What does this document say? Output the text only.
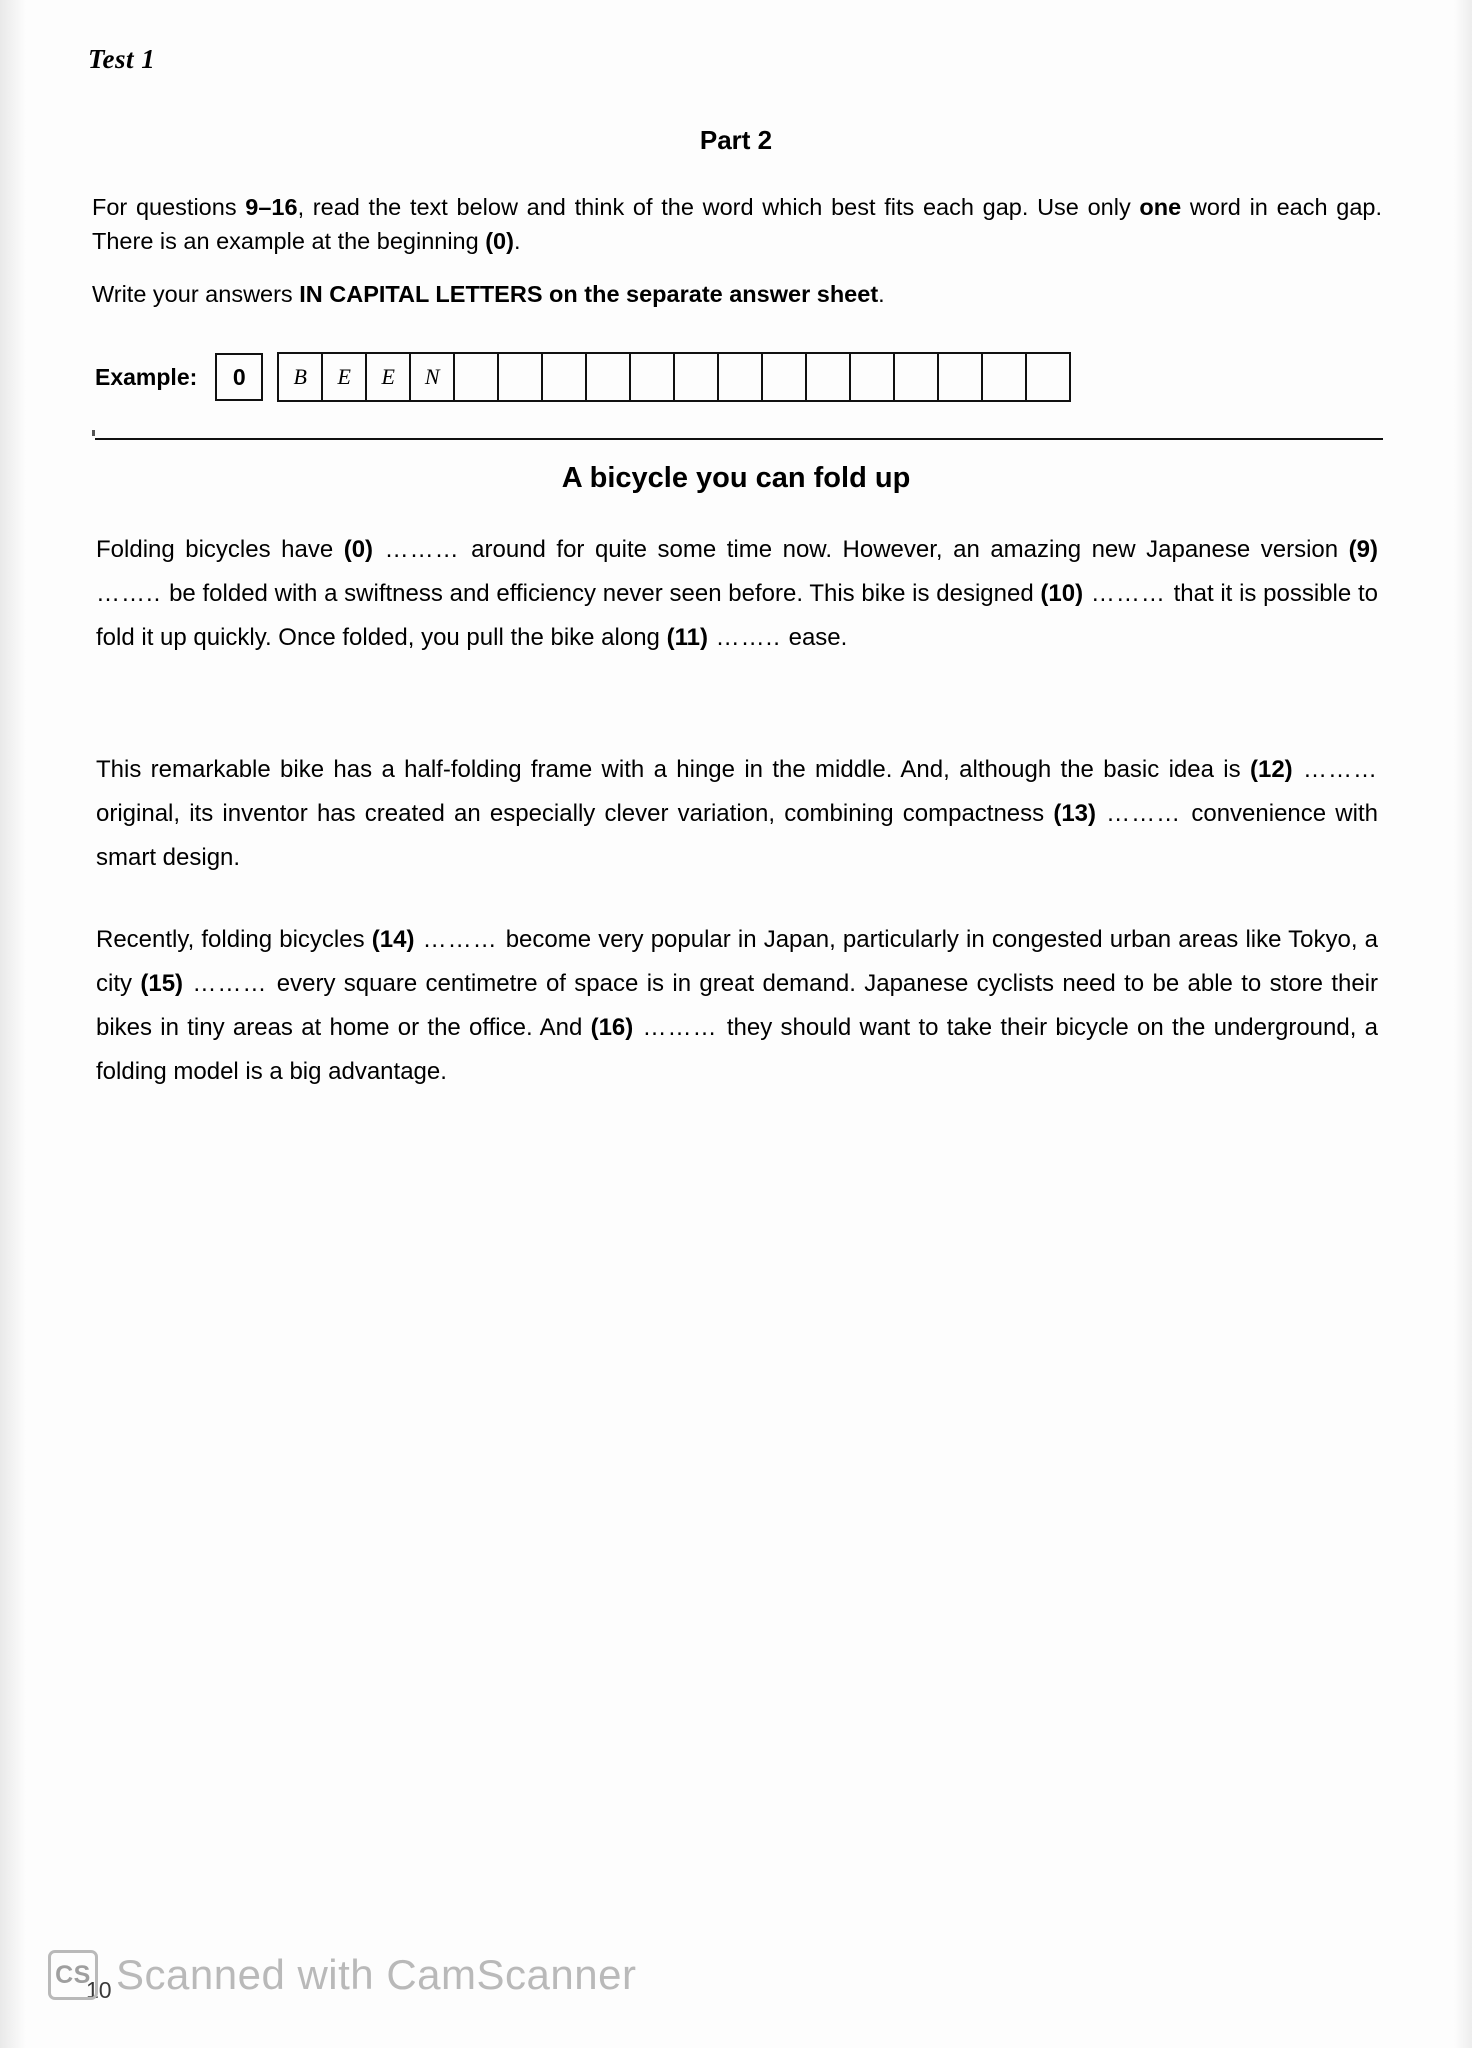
Test 1
Part 2
For questions 9–16, read the text below and think of the word which best fits each gap. Use only one word in each gap. There is an example at the beginning (0).
Write your answers IN CAPITAL LETTERS on the separate answer sheet.
Example:	0	B	E	E	N
A bicycle you can fold up
Folding bicycles have (0) ……… around for quite some time now. However, an amazing new Japanese version (9) …….. be folded with a swiftness and efficiency never seen before. This bike is designed (10) ……… that it is possible to fold it up quickly. Once folded, you pull the bike along (11) …….. ease.
This remarkable bike has a half-folding frame with a hinge in the middle. And, although the basic idea is (12) ……… original, its inventor has created an especially clever variation, combining compactness (13) ……… convenience with smart design.
Recently, folding bicycles (14) ……… become very popular in Japan, particularly in congested urban areas like Tokyo, a city (15) ……… every square centimetre of space is in great demand. Japanese cyclists need to be able to store their bikes in tiny areas at home or the office. And (16) ……… they should want to take their bicycle on the underground, a folding model is a big advantage.
10
CS Scanned with CamScanner
